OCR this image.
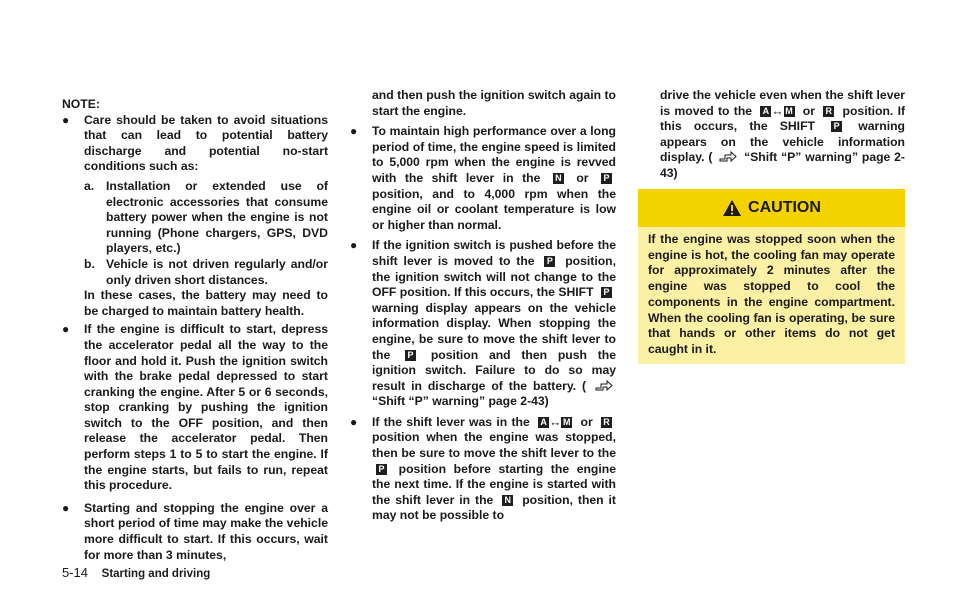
NOTE:

● Care should be taken to avoid situations that can lead to potential battery discharge and potential no-start conditions such as:

a. Installation or extended use of electronic accessories that consume battery power when the engine is not running (Phone chargers, GPS, DVD players, etc.)

b. Vehicle is not driven regularly and/or only driven short distances.

In these cases, the battery may need to be charged to maintain battery health.

● If the engine is difficult to start, depress the accelerator pedal all the way to the floor and hold it. Push the ignition switch with the brake pedal depressed to start cranking the engine. After 5 or 6 seconds, stop cranking by pushing the ignition switch to the OFF position, and then release the accelerator pedal. Then perform steps 1 to 5 to start the engine. If the engine starts, but fails to run, repeat this procedure.

● Starting and stopping the engine over a short period of time may make the vehicle more difficult to start. If this occurs, wait for more than 3 minutes,

and then push the ignition switch again to start the engine.

● To maintain high performance over a long period of time, the engine speed is limited to 5,000 rpm when the engine is revved with the shift lever in the N or P position, and to 4,000 rpm when the engine oil or coolant temperature is low or higher than normal.

● If the ignition switch is pushed before the shift lever is moved to the P position, the ignition switch will not change to the OFF position. If this occurs, the SHIFT P warning display appears on the vehicle information display. When stopping the engine, be sure to move the shift lever to the P position and then push the ignition switch. Failure to do so may result in discharge of the battery. (  “Shift “P” warning” page 2-43)

● If the shift lever was in the A ↔ M or R position when the engine was stopped, then be sure to move the shift lever to the P position before starting the engine the next time. If the engine is started with the shift lever in the N position, then it may not be possible to

drive the vehicle even when the shift lever is moved to the A ↔ M or R position. If this occurs, the SHIFT P warning appears on the vehicle information display. (	“Shift “P” warning” page 2-43)

CAUTION

If the engine was stopped soon when the engine is hot, the cooling fan may operate for approximately 2 minutes after the engine was stopped to cool the components in the engine compartment. When the cooling fan is operating, be sure that hands or other items do not get caught in it.

5-14 Starting and driving
